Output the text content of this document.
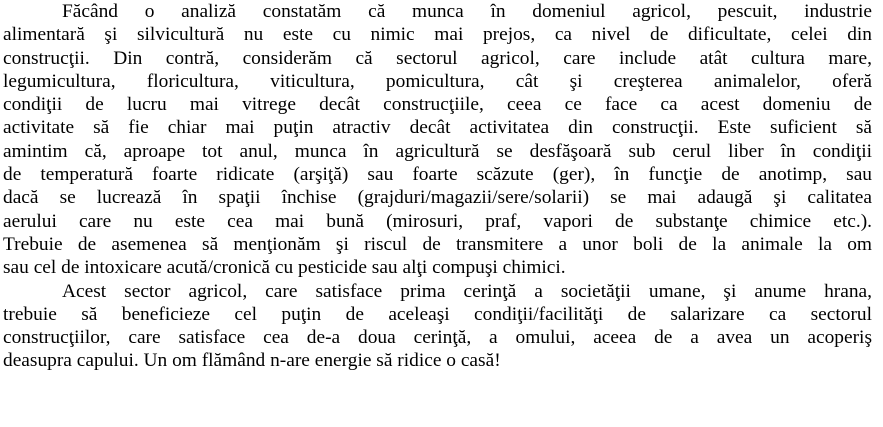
Făcând o analiză constatăm că munca în domeniul agricol, pescuit, industrie
alimentară şi silvicultură nu este cu nimic mai prejos, ca nivel de dificultate, celei din
construcţii. Din contră, considerăm că sectorul agricol, care include atât cultura mare,
legumicultura, floricultura, viticultura, pomicultura, cât şi creşterea animalelor, oferă
condiţii de lucru mai vitrege decât construcţiile, ceea ce face ca acest domeniu de
activitate să fie chiar mai puţin atractiv decât activitatea din construcţii. Este suficient să
amintim că, aproape tot anul, munca în agricultură se desfăşoară sub cerul liber în condiţii
de temperatură foarte ridicate (arşiţă) sau foarte scăzute (ger), în funcţie de anotimp, sau
dacă se lucrează în spaţii închise (grajduri/magazii/sere/solarii) se mai adaugă şi calitatea
aerului care nu este cea mai bună (mirosuri, praf, vapori de substanţe chimice etc.).
Trebuie de asemenea să menţionăm şi riscul de transmitere a unor boli de la animale la om
sau cel de intoxicare acută/cronică cu pesticide sau alţi compuşi chimici.
Acest sector agricol, care satisface prima cerinţă a societăţii umane, şi anume hrana,
trebuie să beneficieze cel puţin de aceleaşi condiţii/facilităţi de salarizare ca sectorul
construcţiilor, care satisface cea de-a doua cerinţă, a omului, aceea de a avea un acoperiş
deasupra capului. Un om flămând n-are energie să ridice o casă!
